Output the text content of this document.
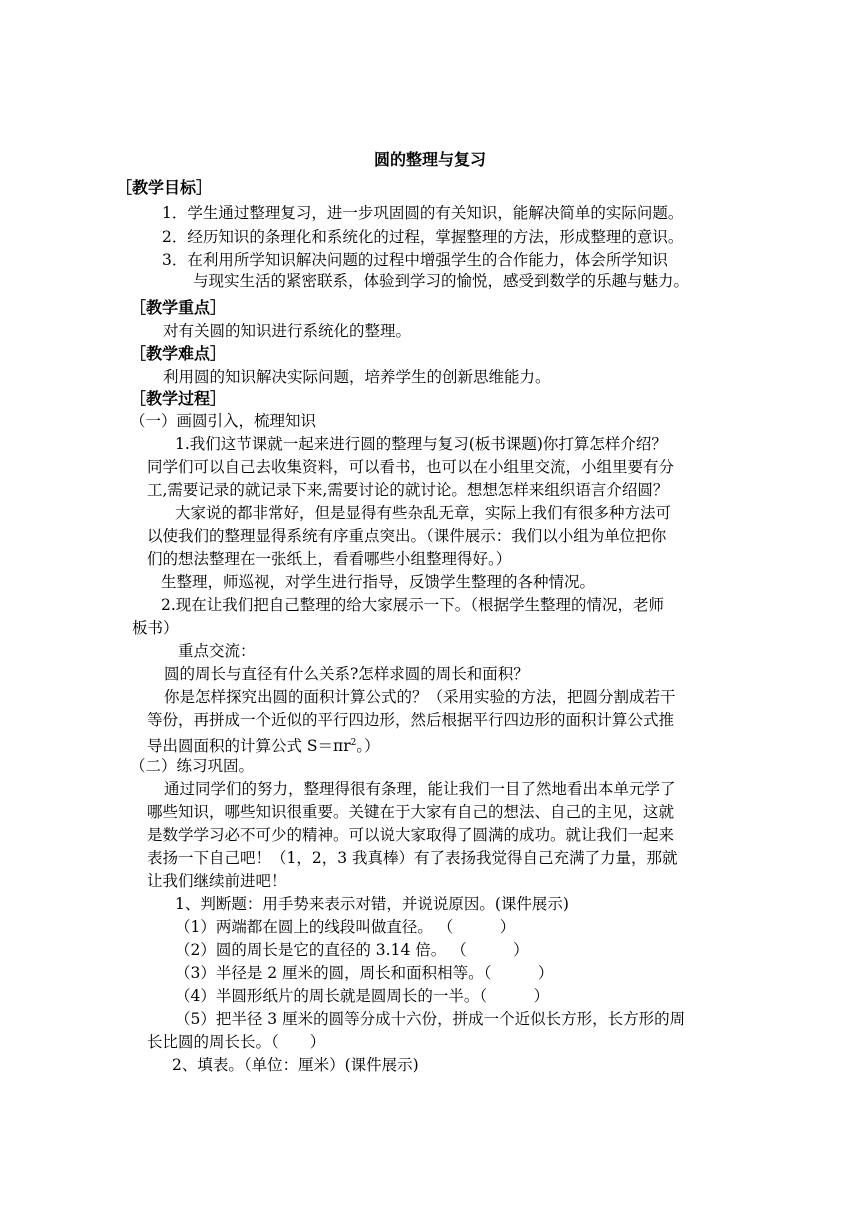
圆的整理与复习
［教学目标］
1．学生通过整理复习，进一步巩固圆的有关知识，能解决简单的实际问题。
2．经历知识的条理化和系统化的过程，掌握整理的方法，形成整理的意识。
3．在利用所学知识解决问题的过程中增强学生的合作能力，体会所学知识
与现实生活的紧密联系，体验到学习的愉悦，感受到数学的乐趣与魅力。
［教学重点］
对有关圆的知识进行系统化的整理。
［教学难点］
利用圆的知识解决实际问题，培养学生的创新思维能力。
［教学过程］
（一）画圆引入，梳理知识
1.我们这节课就一起来进行圆的整理与复习(板书课题)你打算怎样介绍？
同学们可以自己去收集资料，可以看书，也可以在小组里交流，小组里要有分
工,需要记录的就记录下来,需要讨论的就讨论。想想怎样来组织语言介绍圆？
大家说的都非常好，但是显得有些杂乱无章，实际上我们有很多种方法可
以使我们的整理显得系统有序重点突出。（课件展示：我们以小组为单位把你
们的想法整理在一张纸上，看看哪些小组整理得好。）
生整理，师巡视，对学生进行指导，反馈学生整理的各种情况。
2.现在让我们把自己整理的给大家展示一下。（根据学生整理的情况，老师
板书）
重点交流：
圆的周长与直径有什么关系?怎样求圆的周长和面积？
你是怎样探究出圆的面积计算公式的？（采用实验的方法，把圆分割成若干
等份，再拼成一个近似的平行四边形，然后根据平行四边形的面积计算公式推
导出圆面积的计算公式 $S=\pi r^2$。）
（二）练习巩固。
通过同学们的努力，整理得很有条理，能让我们一目了然地看出本单元学了
哪些知识，哪些知识很重要。关键在于大家有自己的想法、自己的主见，这就
是数学学习必不可少的精神。可以说大家取得了圆满的成功。就让我们一起来
表扬一下自己吧！（1，2，3 我真棒）有了表扬我觉得自己充满了力量，那就
让我们继续前进吧！
1、判断题：用手势来表示对错，并说说原因。(课件展示)
（1）两端都在圆上的线段叫做直径。 （　　　）
（2）圆的周长是它的直径的 3.14 倍。 （　　　）
（3）半径是 2 厘米的圆，周长和面积相等。（　　　）
（4）半圆形纸片的周长就是圆周长的一半。（　　　）
（5）把半径 3 厘米的圆等分成十六份，拼成一个近似长方形，长方形的周
长比圆的周长长。（　　）
2、填表。（单位：厘米）(课件展示)
